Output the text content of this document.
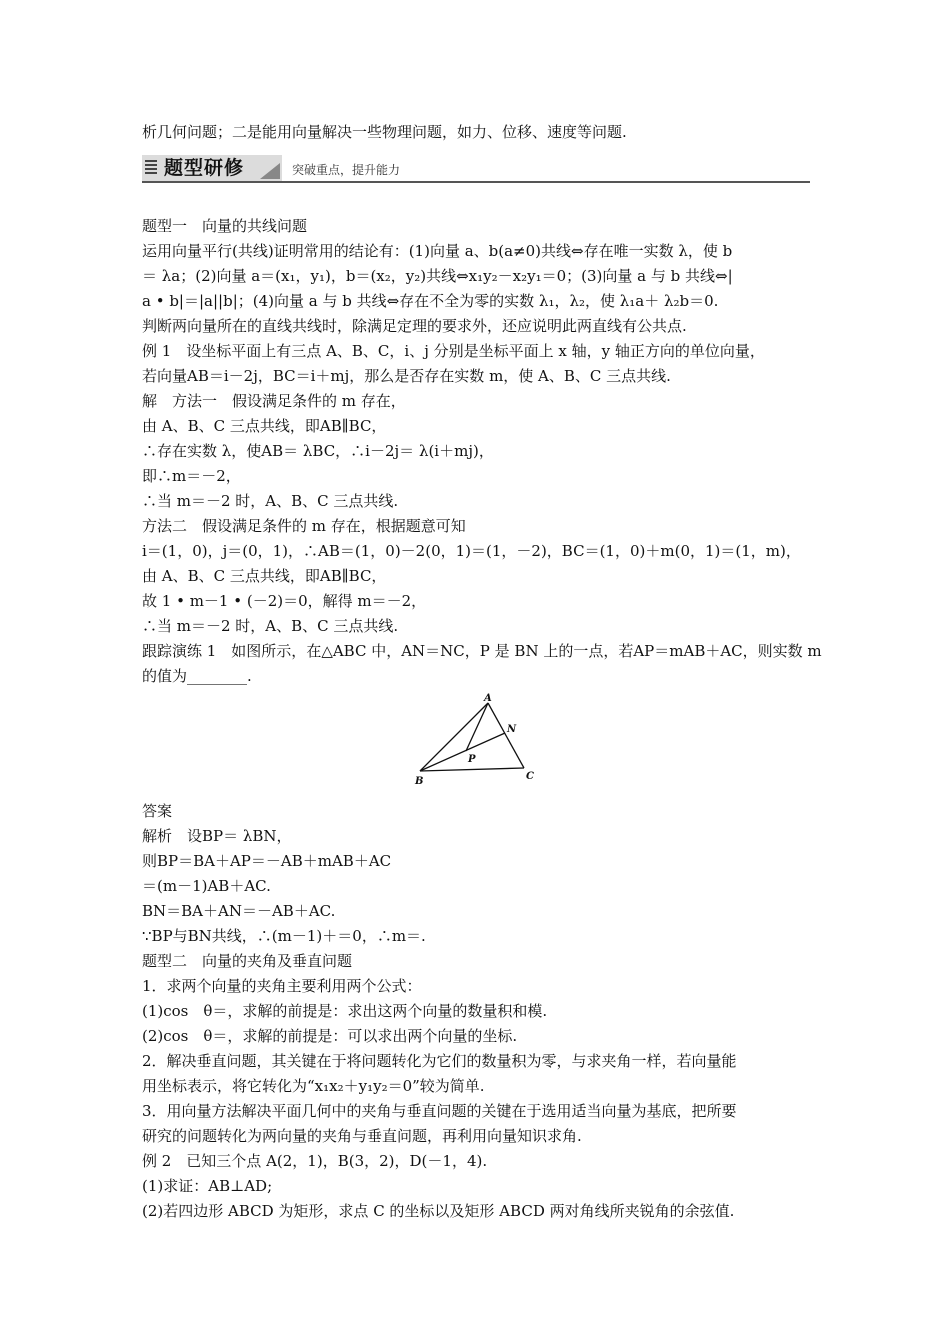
析几何问题；二是能用向量解决一些物理问题，如力、位移、速度等问题.
题型研修	突破重点，提升能力
题型一　向量的共线问题
运用向量平行(共线)证明常用的结论有：(1)向量 a、b(a≠0)共线⇔存在唯一实数 λ，使 b
＝ λa；(2)向量 a＝(x₁，y₁)，b＝(x₂，y₂)共线⇔x₁y₂－x₂y₁＝0；(3)向量 a 与 b 共线⇔|
a • b|＝|a||b|；(4)向量 a 与 b 共线⇔存在不全为零的实数 λ₁，λ₂，使 λ₁a＋ λ₂b＝0.
判断两向量所在的直线共线时，除满足定理的要求外，还应说明此两直线有公共点.
例 1　设坐标平面上有三点 A、B、C，i、j 分别是坐标平面上 x 轴，y 轴正方向的单位向量，
若向量AB＝i－2j，BC＝i＋mj，那么是否存在实数 m，使 A、B、C 三点共线.
解　方法一　假设满足条件的 m 存在，
由 A、B、C 三点共线，即AB∥BC，
∴存在实数 λ，使AB＝ λBC，∴i－2j＝ λ(i＋mj)，
即∴m＝－2，
∴当 m＝－2 时，A、B、C 三点共线.
方法二　假设满足条件的 m 存在，根据题意可知
i＝(1，0)，j＝(0，1)，∴AB＝(1，0)－2(0，1)＝(1，－2)，BC＝(1，0)＋m(0，1)＝(1，m)，
由 A、B、C 三点共线，即AB∥BC，
故 1 • m－1 • (－2)＝0，解得 m＝－2，
∴当 m＝－2 时，A、B、C 三点共线.
跟踪演练 1　如图所示，在△ABC 中，AN＝NC，P 是 BN 上的一点，若AP＝mAB＋AC，则实数 m
的值为________.
A
B	C
N
P
答案
解析　设BP＝ λBN，
则BP＝BA＋AP＝－AB＋mAB＋AC
＝(m－1)AB＋AC.
BN＝BA＋AN＝－AB＋AC.
∵BP与BN共线，∴(m－1)＋＝0，∴m＝.
题型二　向量的夹角及垂直问题
1．求两个向量的夹角主要利用两个公式：
(1)cos　θ＝，求解的前提是：求出这两个向量的数量积和模.
(2)cos　θ＝，求解的前提是：可以求出两个向量的坐标.
2．解决垂直问题，其关键在于将问题转化为它们的数量积为零，与求夹角一样，若向量能
用坐标表示，将它转化为“x₁x₂＋y₁y₂＝0”较为简单.
3．用向量方法解决平面几何中的夹角与垂直问题的关键在于选用适当向量为基底，把所要
研究的问题转化为两向量的夹角与垂直问题，再利用向量知识求角.
例 2　已知三个点 A(2，1)，B(3，2)，D(－1，4).
(1)求证：AB⊥AD;
(2)若四边形 ABCD 为矩形，求点 C 的坐标以及矩形 ABCD 两对角线所夹锐角的余弦值.
